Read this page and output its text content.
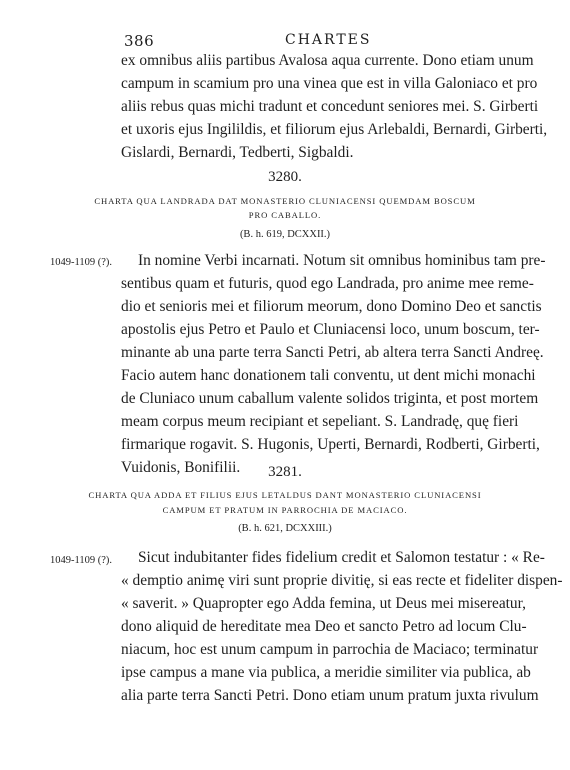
386	CHARTES
ex omnibus aliis partibus Avalosa aqua currente. Dono etiam unum
campum in scamium pro una vinea que est in villa Galoniaco et pro
aliis rebus quas michi tradunt et concedunt seniores mei. S. Girberti
et uxoris ejus Ingilildis, et filiorum ejus Arlebaldi, Bernardi, Girberti,
Gislardi, Bernardi, Tedberti, Sigbaldi.
3280.
CHARTA QUA LANDRADA DAT MONASTERIO CLUNIACENSI QUEMDAM BOSCUM
PRO CABALLO.
(B. h. 619, DCXXII.)
1049-1109 (?).	In nomine Verbi incarnati. Notum sit omnibus hominibus tam pre-
sentibus quam et futuris, quod ego Landrada, pro anime mee reme-
dio et senioris mei et filiorum meorum, dono Domino Deo et sanctis
apostolis ejus Petro et Paulo et Cluniacensi loco, unum boscum, ter-
minante ab una parte terra Sancti Petri, ab altera terra Sancti Andreę.
Facio autem hanc donationem tali conventu, ut dent michi monachi
de Cluniaco unum caballum valente solidos triginta, et post mortem
meam corpus meum recipiant et sepeliant. S. Landradę, quę fieri
firmarique rogavit. S. Hugonis, Uperti, Bernardi, Rodberti, Girberti,
Vuidonis, Bonifilii.	3281.
CHARTA QUA ADDA ET FILIUS EJUS LETALDUS DANT MONASTERIO CLUNIACENSI
CAMPUM ET PRATUM IN PARROCHIA DE MACIACO.
(B. h. 621, DCXXIII.)
1049-1109 (?).	Sicut indubitanter fides fidelium credit et Salomon testatur : « Re-
« demptio animę viri sunt proprie divitię, si eas recte et fideliter dispen-
« saverit. » Quapropter ego Adda femina, ut Deus mei misereatur,
dono aliquid de hereditate mea Deo et sancto Petro ad locum Clu-
niacum, hoc est unum campum in parrochia de Maciaco; terminatur
ipse campus a mane via publica, a meridie similiter via publica, ab
alia parte terra Sancti Petri. Dono etiam unum pratum juxta rivulum
